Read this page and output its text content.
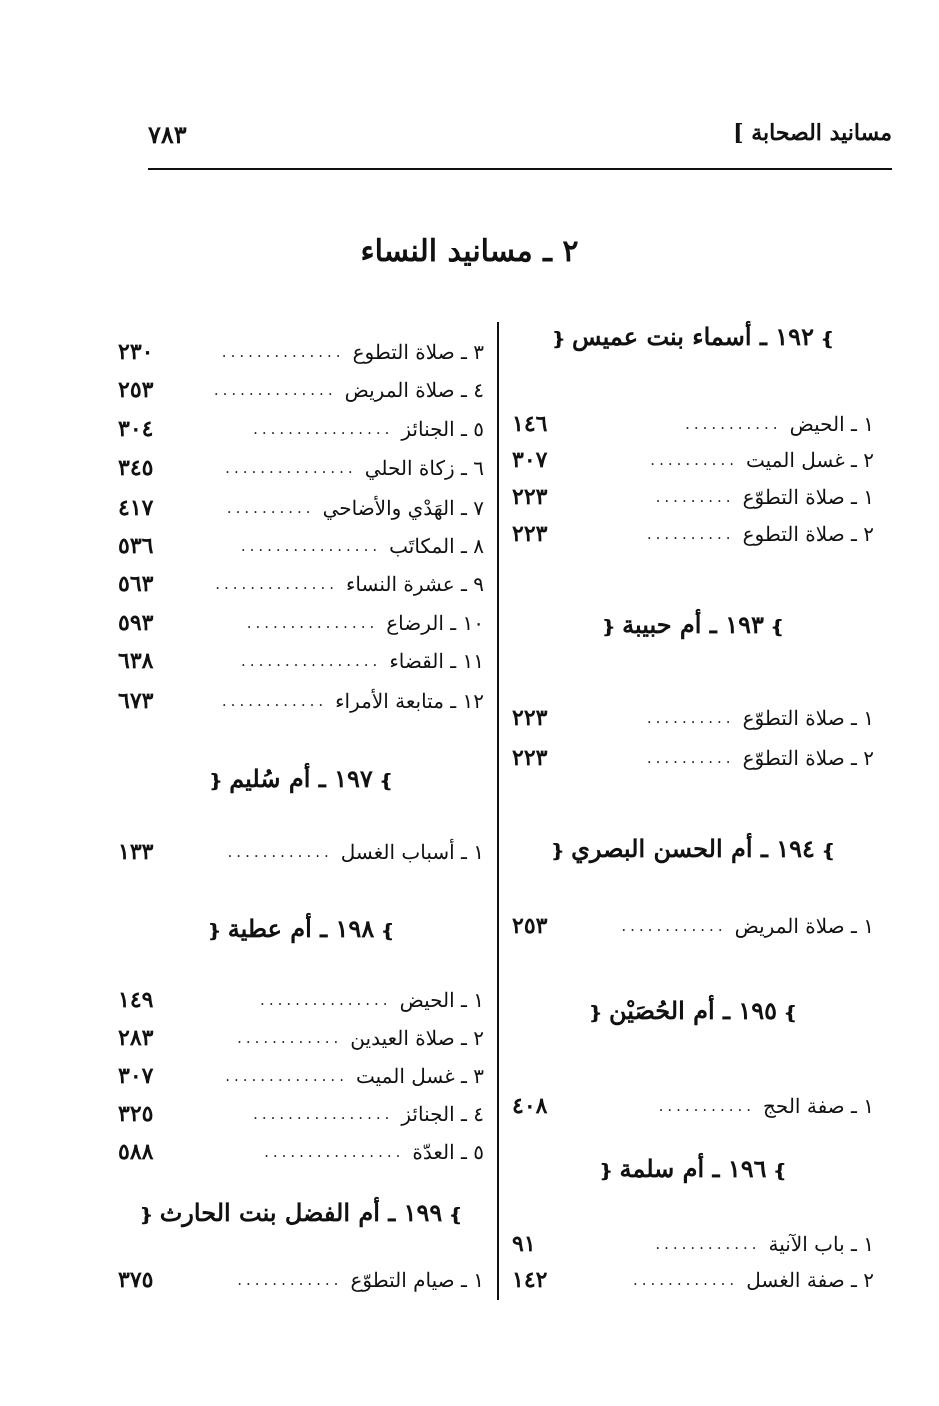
مسانيد الصحابة ]
٧٨٣
٢ ـ مسانيد النساء
❵١٩٢ ـ أسماء بنت عميس❴
١ ـ الحيض
...........
١٤٦
٢ ـ غسل الميت
..........
٣٠٧
١ ـ صلاة التطوّع
.........
٢٢٣
٢ ـ صلاة التطوع
..........
٢٢٣
❵١٩٣ ـ أم حبيبة❴
١ ـ صلاة التطوّع
..........
٢٢٣
٢ ـ صلاة التطوّع
..........
٢٢٣
❵١٩٤ ـ أم الحسن البصري❴
١ ـ صلاة المريض
............
٢٥٣
❵١٩٥ ـ أم الحُصَيْن❴
١ ـ صفة الحج
...........
٤٠٨
❵١٩٦ ـ أم سلمة❴
١ ـ باب الآنية
............
٩١
٢ ـ صفة الغسل
............
١٤٢
٣ ـ صلاة التطوع
..............
٢٣٠
٤ ـ صلاة المريض
..............
٢٥٣
٥ ـ الجنائز
................
٣٠٤
٦ ـ زكاة الحلي
...............
٣٤٥
٧ ـ الهَدْي والأضاحي
..........
٤١٧
٨ ـ المكاتَب
................
٥٣٦
٩ ـ عشرة النساء
..............
٥٦٣
١٠ ـ الرضاع
...............
٥٩٣
١١ ـ القضاء
................
٦٣٨
١٢ ـ متابعة الأمراء
............
٦٧٣
❵١٩٧ ـ أم سُليم❴
١ ـ أسباب الغسل
............
١٣٣
❵١٩٨ ـ أم عطية❴
١ ـ الحيض
...............
١٤٩
٢ ـ صلاة العيدين
............
٢٨٣
٣ ـ غسل الميت
..............
٣٠٧
٤ ـ الجنائز
................
٣٢٥
٥ ـ العدّة
................
٥٨٨
❵١٩٩ ـ أم الفضل بنت الحارث❴
١ ـ صيام التطوّع
............
٣٧٥
